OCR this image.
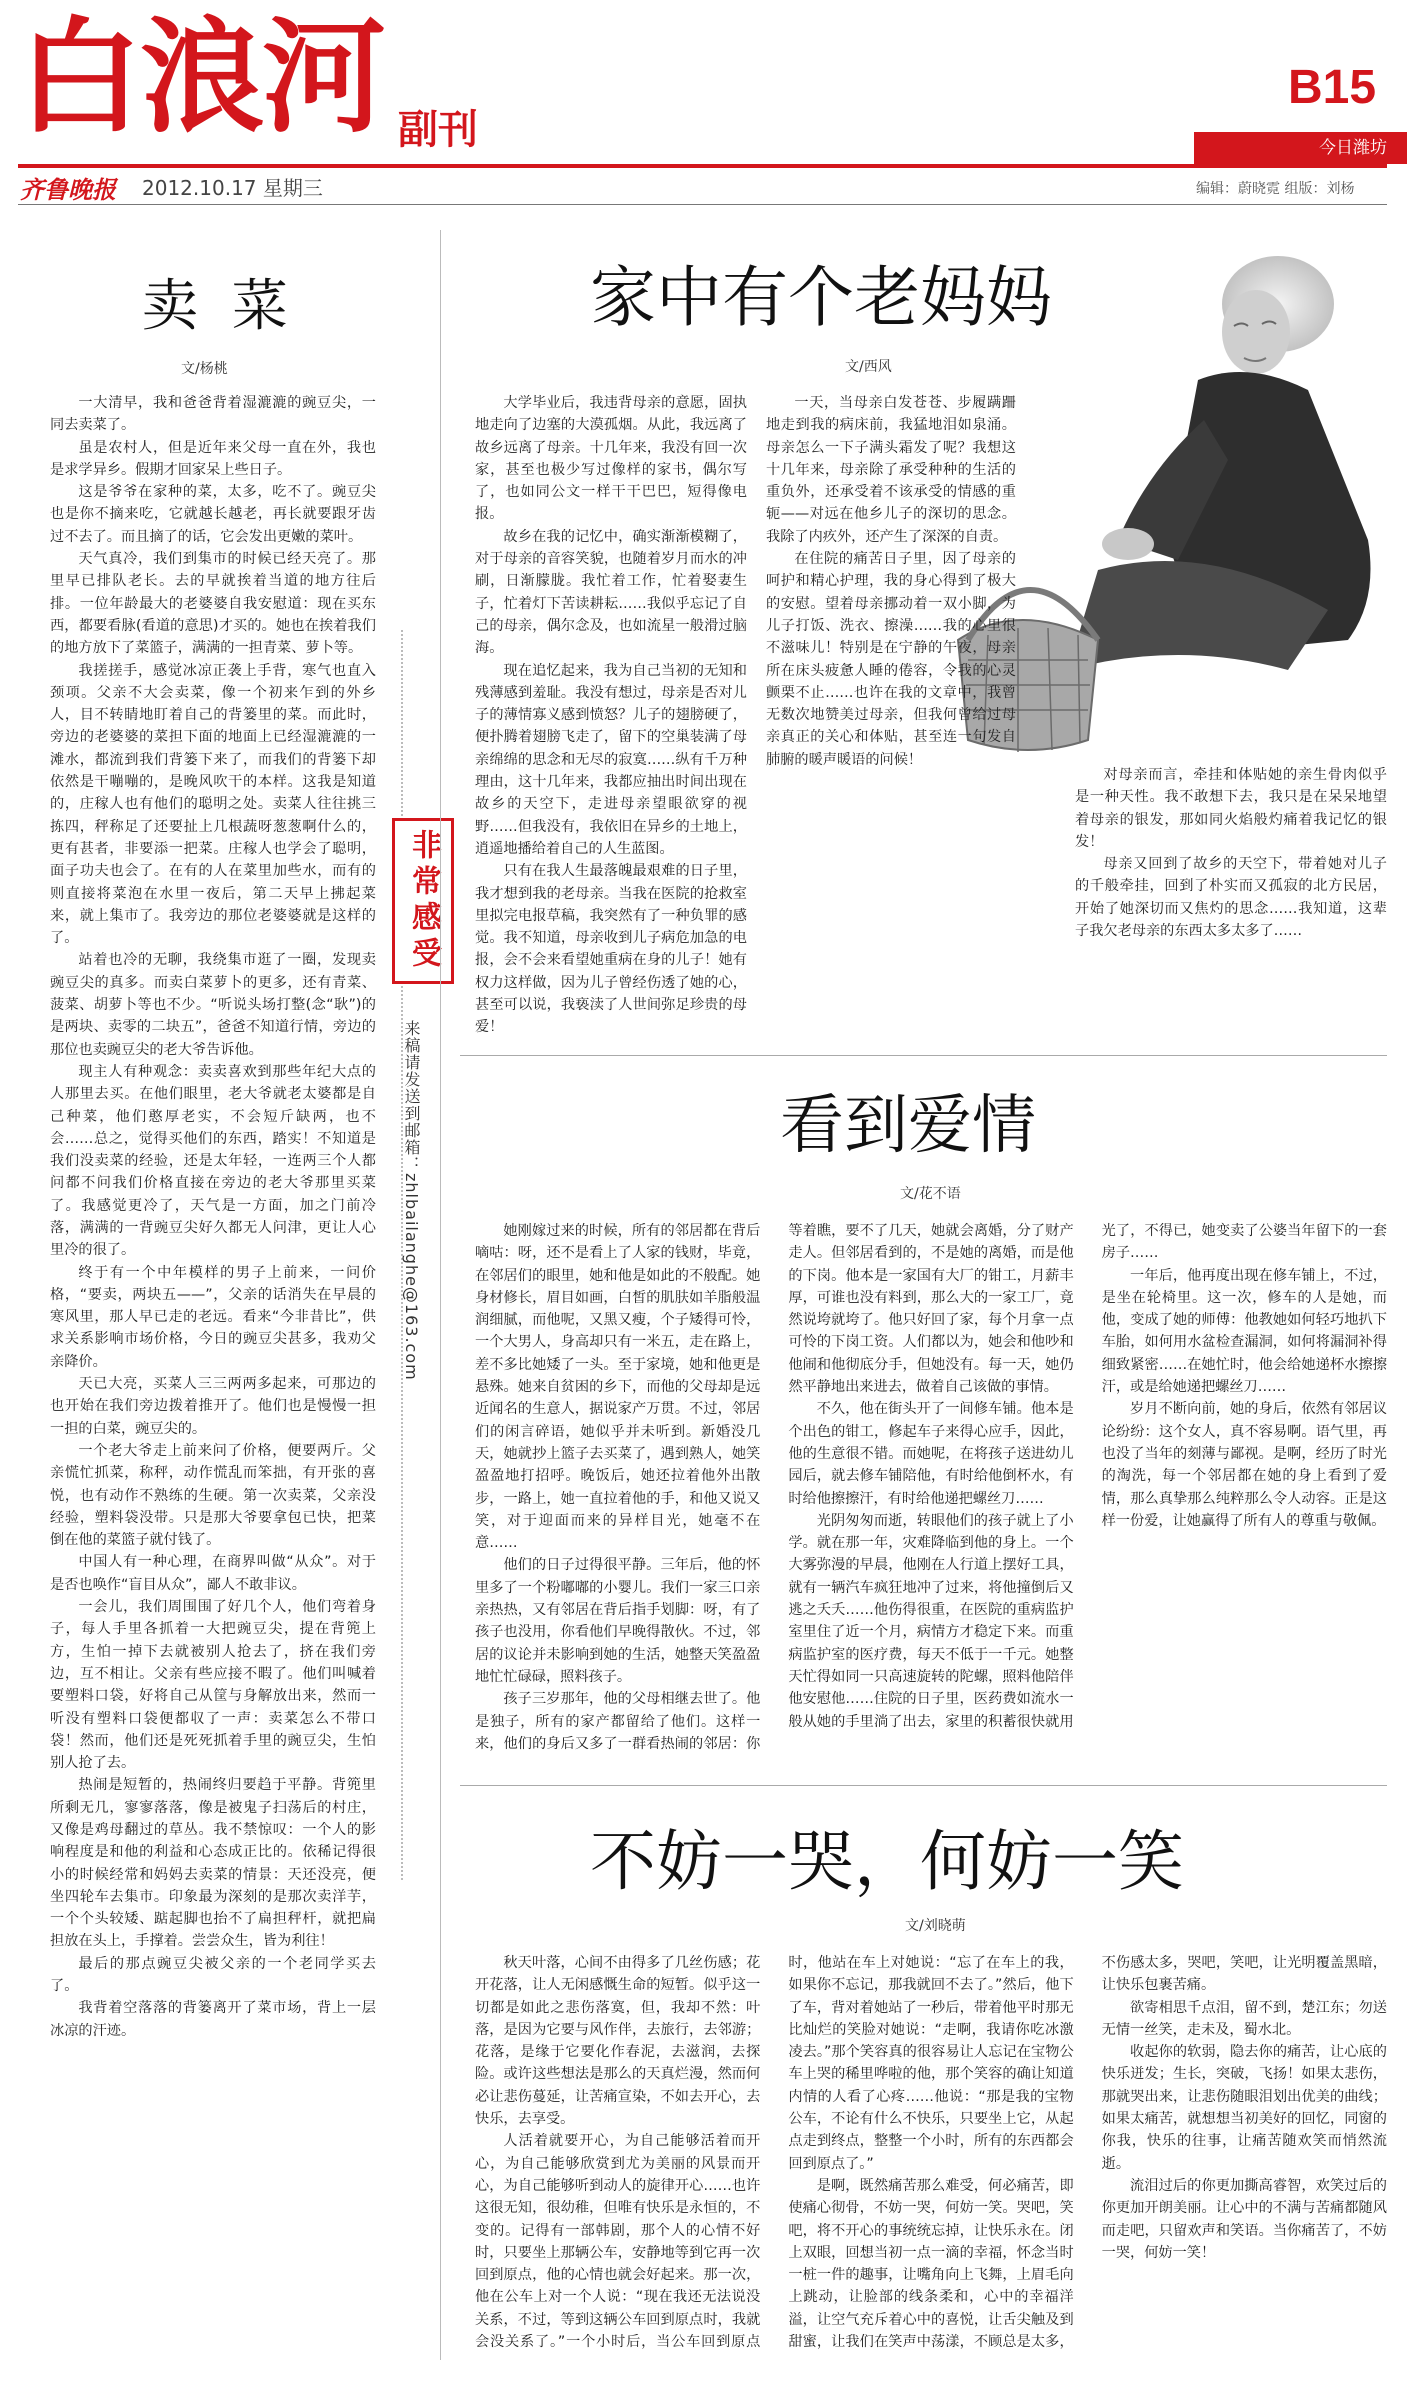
白浪河 副刊
B15
今日潍坊
齐鲁晚报 2012.10.17 星期三	编辑：蔚晓霓 组版：刘杨
非常感受
来稿请发送到邮箱：zhlbailanghe@163.com
卖 菜
文/杨桃

一大清早，我和爸爸背着湿漉漉的豌豆尖，一同去卖菜了。

虽是农村人，但是近年来父母一直在外，我也是求学异乡。假期才回家呆上些日子。

这是爷爷在家种的菜，太多，吃不了。豌豆尖也是你不摘来吃，它就越长越老，再长就要跟牙齿过不去了。而且摘了的话，它会发出更嫩的菜叶。

天气真冷，我们到集市的时候已经天亮了。那里早已排队老长。去的早就挨着当道的地方往后排。一位年龄最大的老婆婆自我安慰道：现在买东西，都要看脉(看道的意思)才买的。她也在挨着我们的地方放下了菜篮子，满满的一担青菜、萝卜等。

我搓搓手，感觉冰凉正袭上手背，寒气也直入颈项。父亲不大会卖菜，像一个初来乍到的外乡人，目不转睛地盯着自己的背篓里的菜。而此时，旁边的老婆婆的菜担下面的地面上已经湿漉漉的一滩水，都流到我们背篓下来了，而我们的背篓下却依然是干嘣嘣的，是晚风吹干的本样。这我是知道的，庄稼人也有他们的聪明之处。卖菜人往往挑三拣四，秤称足了还要扯上几根蔬呀葱葱啊什么的，更有甚者，非要添一把菜。庄稼人也学会了聪明，面子功夫也会了。在有的人在菜里加些水，而有的则直接将菜泡在水里一夜后，第二天早上拂起菜来，就上集市了。我旁边的那位老婆婆就是这样的了。

站着也冷的无聊，我绕集市逛了一圈，发现卖豌豆尖的真多。而卖白菜萝卜的更多，还有青菜、菠菜、胡萝卜等也不少。“听说头场打整(念“耿”)的是两块、卖零的二块五”，爸爸不知道行情，旁边的那位也卖豌豆尖的老大爷告诉他。

现主人有种观念：卖卖喜欢到那些年纪大点的人那里去买。在他们眼里，老大爷就老太婆都是自己种菜，他们憨厚老实，不会短斤缺两，也不会……总之，觉得买他们的东西，踏实！不知道是我们没卖菜的经验，还是太年轻，一连两三个人都问都不问我们价格直接在旁边的老大爷那里买菜了。我感觉更冷了，天气是一方面，加之门前冷落，满满的一背豌豆尖好久都无人问津，更让人心里冷的很了。

终于有一个中年模样的男子上前来，一问价格，“要卖，两块五——”，父亲的话消失在早晨的寒风里，那人早已走的老远。看来“今非昔比”，供求关系影响市场价格，今日的豌豆尖甚多，我劝父亲降价。

天已大亮，买菜人三三两两多起来，可那边的也开始在我们旁边拨着推开了。他们也是慢慢一担一担的白菜，豌豆尖的。

一个老大爷走上前来问了价格，便要两斤。父亲慌忙抓菜，称秤，动作慌乱而笨拙，有开张的喜悦，也有动作不熟练的生硬。第一次卖菜，父亲没经验，塑料袋没带。只是那大爷要拿包已快，把菜倒在他的菜篮子就付钱了。

中国人有一种心理，在商界叫做“从众”。对于是否也唤作“盲目从众”，鄙人不敢非议。

一会儿，我们周围围了好几个人，他们弯着身子，每人手里各抓着一大把豌豆尖，提在背篼上方，生怕一掉下去就被别人抢去了，挤在我们旁边，互不相让。父亲有些应接不暇了。他们叫喊着要塑料口袋，好将自己从筐与身解放出来，然而一听没有塑料口袋便都収了一声：卖菜怎么不带口袋！然而，他们还是死死抓着手里的豌豆尖，生怕别人抢了去。

热闹是短暂的，热闹终归要趋于平静。背篼里所剩无几，寥寥落落，像是被鬼子扫荡后的村庄，又像是鸡母翻过的草丛。我不禁惊叹：一个人的影响程度是和他的利益和心态成正比的。依稀记得很小的时候经常和妈妈去卖菜的情景：天还没亮，便坐四轮车去集市。印象最为深刻的是那次卖洋芋，一个个头较矮、踮起脚也抬不了扁担秤杆，就把扁担放在头上，手撑着。尝尝众生，皆为利往！

最后的那点豌豆尖被父亲的一个老同学买去了。

我背着空落落的背篓离开了菜市场，背上一层冰凉的汗迹。

家中有个老妈妈
文/西风

大学毕业后，我违背母亲的意愿，固执地走向了边塞的大漠孤烟。从此，我远离了故乡远离了母亲。十几年来，我没有回一次家，甚至也极少写过像样的家书，偶尔写了，也如同公文一样干干巴巴，短得像电报。

故乡在我的记忆中，确实渐渐模糊了，对于母亲的音容笑貌，也随着岁月而水的冲刷，日渐朦胧。我忙着工作，忙着娶妻生子，忙着灯下苦读耕耘……我似乎忘记了自己的母亲，偶尔念及，也如流星一般滑过脑海。

现在追忆起来，我为自己当初的无知和残薄感到羞耻。我没有想过，母亲是否对儿子的薄情寡义感到愤怒？儿子的翅膀硬了，便扑腾着翅膀飞走了，留下的空巢装满了母亲绵绵的思念和无尽的寂寞……纵有千万种理由，这十几年来，我都应抽出时间出现在故乡的天空下，走进母亲望眼欲穿的视野……但我没有，我依旧在异乡的土地上，逍遥地播给着自己的人生蓝图。

只有在我人生最落魄最艰难的日子里，我才想到我的老母亲。当我在医院的抢救室里拟完电报草稿，我突然有了一种负罪的感觉。我不知道，母亲收到儿子病危加急的电报，会不会来看望她重病在身的儿子！她有权力这样做，因为儿子曾经伤透了她的心，甚至可以说，我亵渎了人世间弥足珍贵的母爱！

一天，当母亲白发苍苍、步履蹒跚地走到我的病床前，我猛地泪如泉涌。母亲怎么一下子满头霜发了呢？我想这十几年来，母亲除了承受种种的生活的重负外，还承受着不该承受的情感的重轭——对远在他乡儿子的深切的思念。我除了内疚外，还产生了深深的自责。

在住院的痛苦日子里，因了母亲的呵护和精心护理，我的身心得到了极大的安慰。望着母亲挪动着一双小脚，为儿子打饭、洗衣、擦澡……我的心里很不滋味儿！特别是在宁静的午夜，母亲所在床头疲惫人睡的倦容，令我的心灵颤栗不止……也许在我的文章中，我曾无数次地赞美过母亲，但我何曾给过母亲真正的关心和体贴，甚至连一句发自肺腑的暖声暖语的问候！

对母亲而言，牵挂和体贴她的亲生骨肉似乎是一种天性。我不敢想下去，我只是在呆呆地望着母亲的银发，那如同火焰般灼痛着我记忆的银发！

母亲又回到了故乡的天空下，带着她对儿子的千般牵挂，回到了朴实而又孤寂的北方民居，开始了她深切而又焦灼的思念……我知道，这辈子我欠老母亲的东西太多太多了……

看到爱情
文/花不语

她刚嫁过来的时候，所有的邻居都在背后嘀咕：呀，还不是看上了人家的钱财，毕竟，在邻居们的眼里，她和他是如此的不般配。她身材修长，眉目如画，白皙的肌肤如羊脂般温润细腻，而他呢，又黑又瘦，个子矮得可怜，一个大男人，身高却只有一米五，走在路上，差不多比她矮了一头。至于家境，她和他更是悬殊。她来自贫困的乡下，而他的父母却是远近闻名的生意人，据说家产万贯。不过，邻居们的闲言碎语，她似乎并未听到。新婚没几天，她就抄上篮子去买菜了，遇到熟人，她笑盈盈地打招呼。晚饭后，她还拉着他外出散步，一路上，她一直拉着他的手，和他又说又笑，对于迎面而来的异样目光，她毫不在意……

他们的日子过得很平静。三年后，他的怀里多了一个粉嘟嘟的小婴儿。我们一家三口亲亲热热，又有邻居在背后指手划脚：呀，有了孩子也没用，你看他们早晚得散伙。不过，邻居的议论并未影响到她的生活，她整天笑盈盈地忙忙碌碌，照料孩子。

孩子三岁那年，他的父母相继去世了。他是独子，所有的家产都留给了他们。这样一来，他们的身后又多了一群看热闹的邻居：你等着瞧，要不了几天，她就会离婚，分了财产走人。但邻居看到的，不是她的离婚，而是他的下岗。他本是一家国有大厂的钳工，月薪丰厚，可谁也没有料到，那么大的一家工厂，竟然说垮就垮了。他只好回了家，每个月拿一点可怜的下岗工资。人们都以为，她会和他吵和他闹和他彻底分手，但她没有。每一天，她仍然平静地出来进去，做着自己该做的事情。

不久，他在街头开了一间修车铺。他本是个出色的钳工，修起车子来得心应手，因此，他的生意很不错。而她呢，在将孩子送进幼儿园后，就去修车铺陪他，有时给他倒杯水，有时给他擦擦汗，有时给他递把螺丝刀……

光阴匆匆而逝，转眼他们的孩子就上了小学。就在那一年，灾难降临到他的身上。一个大雾弥漫的早晨，他刚在人行道上摆好工具，就有一辆汽车疯狂地冲了过来，将他撞倒后又逃之夭夭……他伤得很重，在医院的重病监护室里住了近一个月，病情方才稳定下来。而重病监护室的医疗费，每天不低于一千元。她整天忙得如同一只高速旋转的陀螺，照料他陪伴他安慰他……住院的日子里，医药费如流水一般从她的手里淌了出去，家里的积蓄很快就用光了，不得已，她变卖了公婆当年留下的一套房子……

一年后，他再度出现在修车铺上，不过，是坐在轮椅里。这一次，修车的人是她，而他，变成了她的师傅：他教她如何轻巧地扒下车胎，如何用水盆检查漏洞，如何将漏洞补得细致紧密……在她忙时，他会给她递杯水擦擦汗，或是给她递把螺丝刀……

岁月不断向前，她的身后，依然有邻居议论纷纷：这个女人，真不容易啊。语气里，再也没了当年的刻薄与鄙视。是啊，经历了时光的淘洗，每一个邻居都在她的身上看到了爱情，那么真挚那么纯粹那么令人动容。正是这样一份爱，让她赢得了所有人的尊重与敬佩。

不妨一哭，何妨一笑
文/刘晓萌

秋天叶落，心间不由得多了几丝伤感；花开花落，让人无闲感慨生命的短暂。似乎这一切都是如此之悲伤落寞，但，我却不然：叶落，是因为它要与风作伴，去旅行，去邻游；花落，是缘于它要化作春泥，去滋润，去探险。或许这些想法是那么的天真烂漫，然而何必让悲伤蔓延，让苦痛宣染，不如去开心，去快乐，去享受。

人活着就要开心，为自己能够活着而开心，为自己能够欣赏到尤为美丽的风景而开心，为自己能够听到动人的旋律开心……也许这很无知，很幼稚，但唯有快乐是永恒的，不变的。记得有一部韩剧，那个人的心情不好时，只要坐上那辆公车，安静地等到它再一次回到原点，他的心情也就会好起来。那一次，他在公车上对一个人说：“现在我还无法说没关系，不过，等到这辆公车回到原点时，我就会没关系了。”一个小时后，当公车回到原点时，他站在车上对她说：“忘了在车上的我，如果你不忘记，那我就回不去了。”然后，他下了车，背对着她站了一秒后，带着他平时那无比灿烂的笑脸对她说：“走啊，我请你吃冰激凌去。”那个笑容真的很容易让人忘记在宝物公车上哭的稀里哗啦的他，那个笑容的确让知道内情的人看了心疼……他说：“那是我的宝物公车，不论有什么不快乐，只要坐上它，从起点走到终点，整整一个小时，所有的东西都会回到原点了。”

是啊，既然痛苦那么难受，何必痛苦，即使痛心彻骨，不妨一哭，何妨一笑。哭吧，笑吧，将不开心的事统统忘掉，让快乐永在。闭上双眼，回想当初一点一滴的幸福，怀念当时一桩一件的趣事，让嘴角向上飞舞，上眉毛向上跳动，让脸部的线条柔和，心中的幸福洋溢，让空气充斥着心中的喜悦，让舌尖触及到甜蜜，让我们在笑声中荡漾，不顾总是太多，不伤感太多，哭吧，笑吧，让光明覆盖黑暗，让快乐包裹苦痛。

欲寄相思千点泪，留不到，楚江东；勿送无情一丝笑，走未及，蜀水北。

收起你的软弱，隐去你的痛苦，让心底的快乐迸发；生长，突破，飞扬！如果太悲伤，那就哭出来，让悲伤随眼泪划出优美的曲线；如果太痛苦，就想想当初美好的回忆，同窗的你我，快乐的往事，让痛苦随欢笑而悄然流逝。

流泪过后的你更加撕高睿智，欢笑过后的你更加开朗美丽。让心中的不满与苦痛都随风而走吧，只留欢声和笑语。当你痛苦了，不妨一哭，何妨一笑！
